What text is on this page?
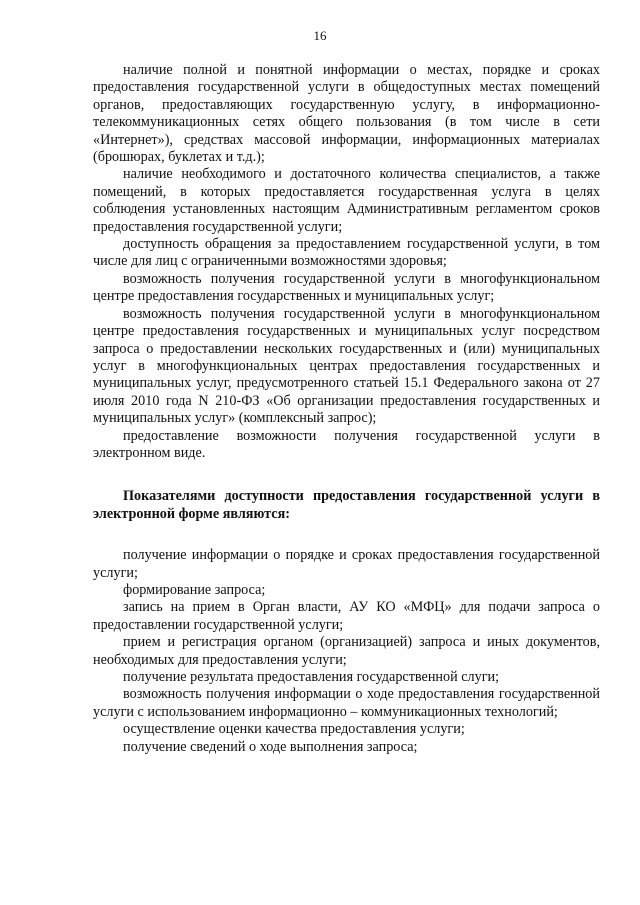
16

наличие полной и понятной информации о местах, порядке и сроках предоставления государственной услуги в общедоступных местах помещений органов, предоставляющих государственную услугу, в информационно-телекоммуникационных сетях общего пользования (в том числе в сети «Интернет»), средствах массовой информации, информационных материалах (брошюрах, буклетах и т.д.);

наличие необходимого и достаточного количества специалистов, а также помещений, в которых предоставляется государственная услуга в целях соблюдения установленных настоящим Административным регламентом сроков предоставления государственной услуги;

доступность обращения за предоставлением государственной услуги, в том числе для лиц с ограниченными возможностями здоровья;

возможность получения государственной услуги в многофункциональном центре предоставления государственных и муниципальных услуг;

возможность получения государственной услуги в многофункциональном центре предоставления государственных и муниципальных услуг посредством запроса о предоставлении нескольких государственных и (или) муниципальных услуг в многофункциональных центрах предоставления государственных и муниципальных услуг, предусмотренного статьей 15.1 Федерального закона от 27 июля 2010 года N 210-ФЗ «Об организации предоставления государственных и муниципальных услуг» (комплексный запрос);

предоставление возможности получения государственной услуги в электронном виде.

Показателями доступности предоставления государственной услуги в электронной форме являются:

получение информации о порядке и сроках предоставления государственной услуги;

формирование запроса;

запись на прием в Орган власти, АУ КО «МФЦ» для подачи запроса о предоставлении государственной услуги;

прием и регистрация органом (организацией) запроса и иных документов, необходимых для предоставления услуги;

получение результата предоставления государственной слуги;

возможность получения информации о ходе предоставления государственной услуги с использованием информационно – коммуникационных технологий;

осуществление оценки качества предоставления услуги;

получение сведений о ходе выполнения запроса;
